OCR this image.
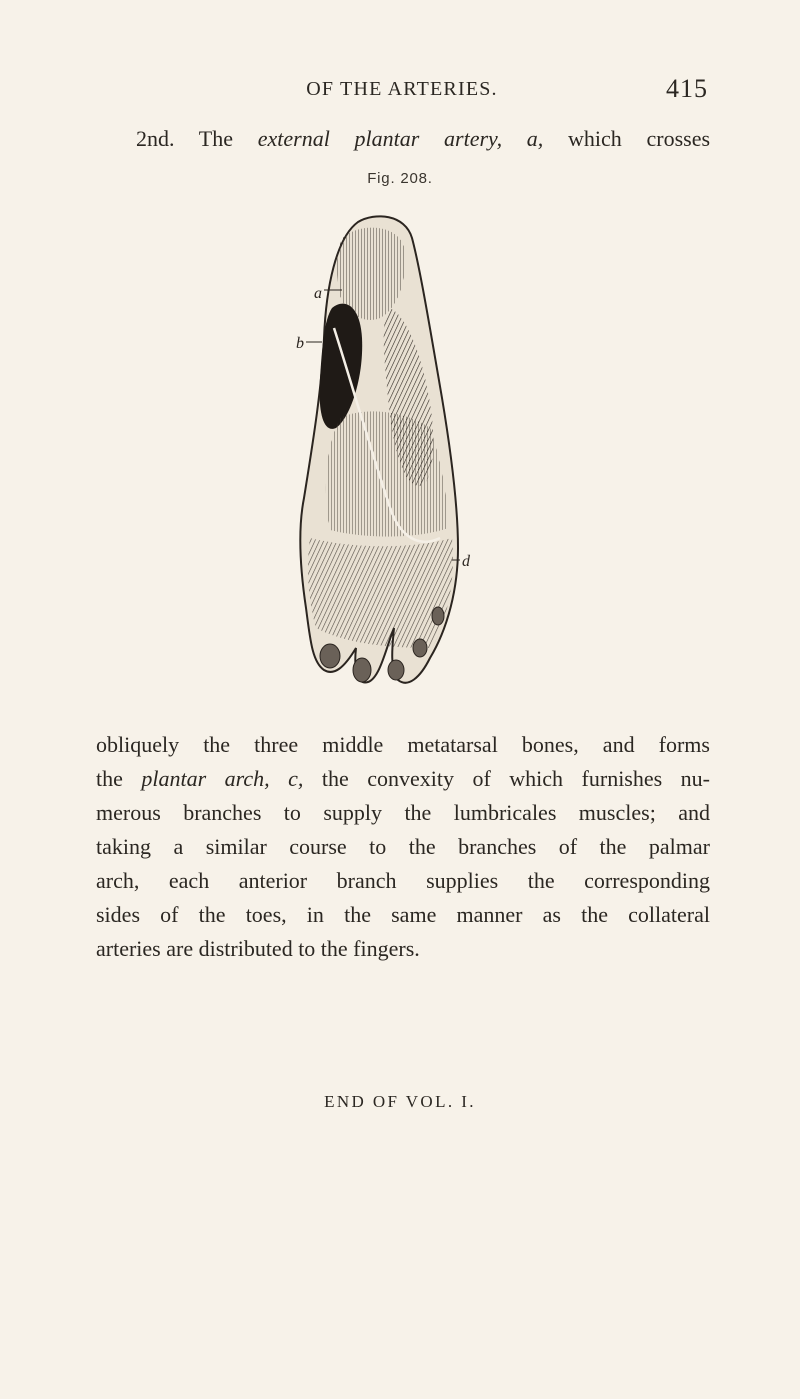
OF THE ARTERIES.	415
2nd. The external plantar artery, a, which crosses
Fig. 208.
a
b
d
obliquely the three middle metatarsal bones, and forms
the plantar arch, c, the convexity of which furnishes nu-
merous branches to supply the lumbricales muscles; and
taking a similar course to the branches of the palmar
arch, each anterior branch supplies the corresponding
sides of the toes, in the same manner as the collateral
arteries are distributed to the fingers.
END OF VOL. I.
